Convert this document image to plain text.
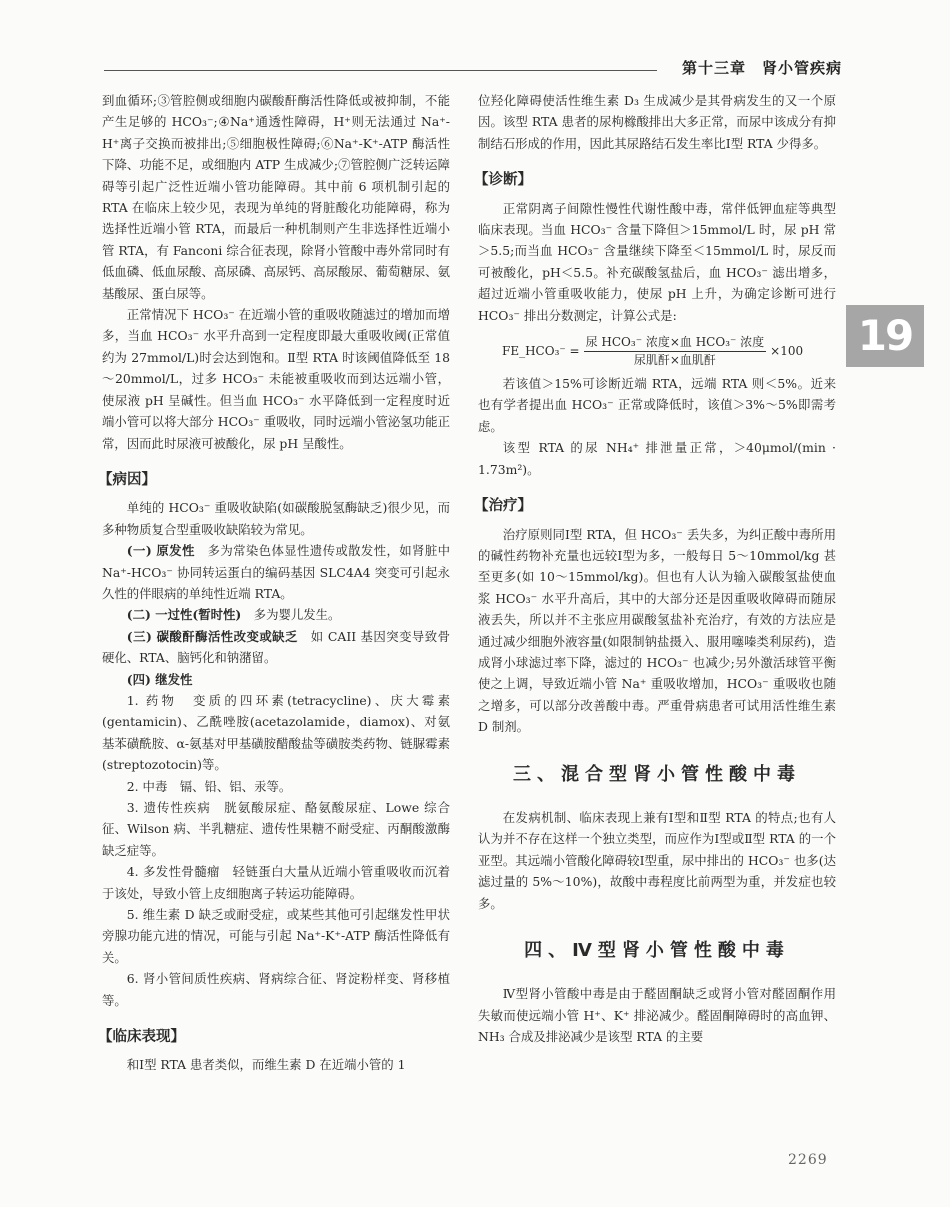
第十三章　肾小管疾病
19

到血循环;③管腔侧或细胞内碳酸酐酶活性降低或被抑制，不能产生足够的 HCO₃⁻;④Na⁺通透性障碍，H⁺则无法通过 Na⁺-H⁺离子交换而被排出;⑤细胞极性障碍;⑥Na⁺-K⁺-ATP 酶活性下降、功能不足，或细胞内 ATP 生成减少;⑦管腔侧广泛转运障碍等引起广泛性近端小管功能障碍。其中前 6 项机制引起的 RTA 在临床上较少见，表现为单纯的肾脏酸化功能障碍，称为选择性近端小管 RTA，而最后一种机制则产生非选择性近端小管 RTA，有 Fanconi 综合征表现，除肾小管酸中毒外常同时有低血磷、低血尿酸、高尿磷、高尿钙、高尿酸尿、葡萄糖尿、氨基酸尿、蛋白尿等。

正常情况下 HCO₃⁻ 在近端小管的重吸收随滤过的增加而增多，当血 HCO₃⁻ 水平升高到一定程度即最大重吸收阈(正常值约为 27mmol/L)时会达到饱和。Ⅱ型 RTA 时该阈值降低至 18～20mmol/L，过多 HCO₃⁻ 未能被重吸收而到达远端小管，使尿液 pH 呈碱性。但当血 HCO₃⁻ 水平降低到一定程度时近端小管可以将大部分 HCO₃⁻ 重吸收，同时远端小管泌氢功能正常，因而此时尿液可被酸化，尿 pH 呈酸性。

【病因】

单纯的 HCO₃⁻ 重吸收缺陷(如碳酸脱氢酶缺乏)很少见，而多种物质复合型重吸收缺陷较为常见。

(一) 原发性　多为常染色体显性遗传或散发性，如肾脏中 Na⁺-HCO₃⁻ 协同转运蛋白的编码基因 SLC4A4 突变可引起永久性的伴眼病的单纯性近端 RTA。

(二) 一过性(暂时性)　多为婴儿发生。

(三) 碳酸酐酶活性改变或缺乏　如 CAII 基因突变导致骨硬化、RTA、脑钙化和钠潴留。

(四) 继发性

1. 药物　变质的四环素(tetracycline)、庆大霉素(gentamicin)、乙酰唑胺(acetazolamide，diamox)、对氨基苯磺酰胺、α-氨基对甲基磺胺醋酸盐等磺胺类药物、链脲霉素(streptozotocin)等。

2. 中毒　镉、铅、铝、汞等。

3. 遗传性疾病　胱氨酸尿症、酪氨酸尿症、Lowe 综合征、Wilson 病、半乳糖症、遗传性果糖不耐受症、丙酮酸激酶缺乏症等。

4. 多发性骨髓瘤　轻链蛋白大量从近端小管重吸收而沉着于该处，导致小管上皮细胞离子转运功能障碍。

5. 维生素 D 缺乏或耐受症，或某些其他可引起继发性甲状旁腺功能亢进的情况，可能与引起 Na⁺-K⁺-ATP 酶活性降低有关。

6. 肾小管间质性疾病、肾病综合征、肾淀粉样变、肾移植等。

【临床表现】

和Ⅰ型 RTA 患者类似，而维生素 D 在近端小管的 1

位羟化障碍使活性维生素 D₃ 生成减少是其骨病发生的又一个原因。该型 RTA 患者的尿枸橼酸排出大多正常，而尿中该成分有抑制结石形成的作用，因此其尿路结石发生率比Ⅰ型 RTA 少得多。

【诊断】

正常阴离子间隙性慢性代谢性酸中毒，常伴低钾血症等典型临床表现。当血 HCO₃⁻ 含量下降但＞15mmol/L 时，尿 pH 常＞5.5;而当血 HCO₃⁻ 含量继续下降至＜15mmol/L 时，尿反而可被酸化，pH＜5.5。补充碳酸氢盐后，血 HCO₃⁻ 滤出增多，超过近端小管重吸收能力，使尿 pH 上升，为确定诊断可进行 HCO₃⁻ 排出分数测定，计算公式是:

FE_HCO₃⁻ = $\frac{\text{尿 HCO₃⁻ 浓度×血 HCO₃⁻ 浓度}}{\text{尿肌酐×血肌酐}} \times 100$

若该值＞15%可诊断近端 RTA，远端 RTA 则＜5%。近来也有学者提出血 HCO₃⁻ 正常或降低时，该值＞3%～5%即需考虑。

该型 RTA 的尿 NH₄⁺ 排泄量正常，＞40μmol/(min · 1.73m²)。

【治疗】

治疗原则同Ⅰ型 RTA，但 HCO₃⁻ 丢失多，为纠正酸中毒所用的碱性药物补充量也远较Ⅰ型为多，一般每日 5～10mmol/kg 甚至更多(如 10～15mmol/kg)。但也有人认为输入碳酸氢盐使血浆 HCO₃⁻ 水平升高后，其中的大部分还是因重吸收障碍而随尿液丢失，所以并不主张应用碳酸氢盐补充治疗，有效的方法应是通过减少细胞外液容量(如限制钠盐摄入、服用噻嗪类利尿药)，造成肾小球滤过率下降，滤过的 HCO₃⁻ 也减少;另外激活球管平衡使之上调，导致近端小管 Na⁺ 重吸收增加，HCO₃⁻ 重吸收也随之增多，可以部分改善酸中毒。严重骨病患者可试用活性维生素 D 制剂。

三、混合型肾小管性酸中毒

在发病机制、临床表现上兼有Ⅰ型和Ⅱ型 RTA 的特点;也有人认为并不存在这样一个独立类型，而应作为Ⅰ型或Ⅱ型 RTA 的一个亚型。其远端小管酸化障碍较Ⅰ型重，尿中排出的 HCO₃⁻ 也多(达滤过量的 5%～10%)，故酸中毒程度比前两型为重，并发症也较多。

四、Ⅳ型肾小管性酸中毒

Ⅳ型肾小管酸中毒是由于醛固酮缺乏或肾小管对醛固酮作用失敏而使远端小管 H⁺、K⁺ 排泌减少。醛固酮障碍时的高血钾、NH₃ 合成及排泌减少是该型 RTA 的主要

2269
